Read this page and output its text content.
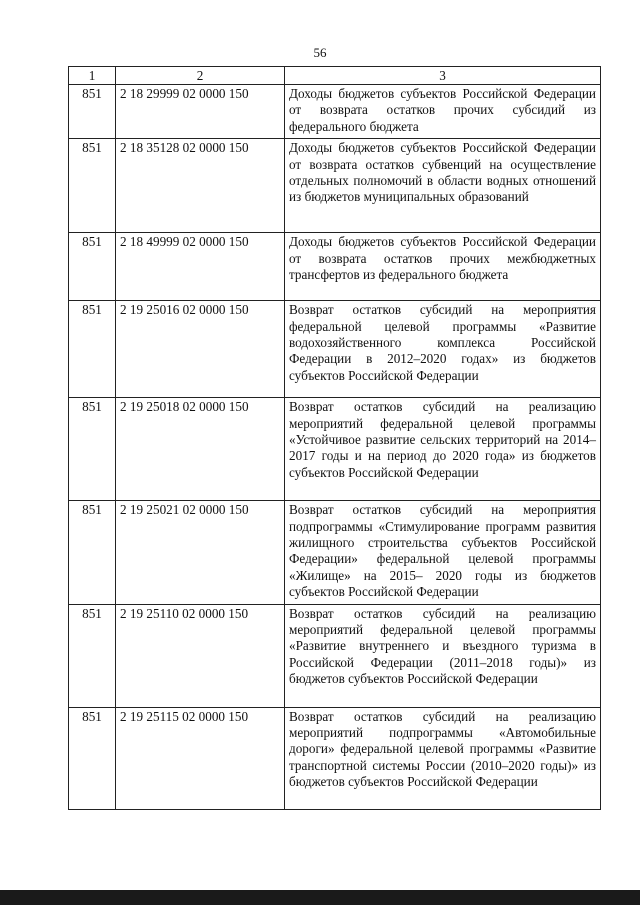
56
1	2	3
851	2 18 29999 02 0000 150	Доходы бюджетов субъектов Российской Федерации от возврата остатков прочих субсидий из федерального бюджета
851	2 18 35128 02 0000 150	Доходы бюджетов субъектов Российской Федерации от возврата остатков субвенций на осуществление отдельных полномочий в области водных отношений из бюджетов муниципальных образований
851	2 18 49999 02 0000 150	Доходы бюджетов субъектов Российской Федерации от возврата остатков прочих межбюджетных трансфертов из федерального бюджета
851	2 19 25016 02 0000 150	Возврат остатков субсидий на мероприятия федеральной целевой программы «Развитие водохозяйственного комплекса Российской Федерации в 2012–2020 годах» из бюджетов субъектов Российской Федерации
851	2 19 25018 02 0000 150	Возврат остатков субсидий на реализацию мероприятий федеральной целевой программы «Устойчивое развитие сельских территорий на 2014–2017 годы и на период до 2020 года» из бюджетов субъектов Российской Федерации
851	2 19 25021 02 0000 150	Возврат остатков субсидий на мероприятия подпрограммы «Стимулирование программ развития жилищного строительства субъектов Российской Федерации» федеральной целевой программы «Жилище» на 2015– 2020 годы из бюджетов субъектов Российской Федерации
851	2 19 25110 02 0000 150	Возврат остатков субсидий на реализацию мероприятий федеральной целевой программы «Развитие внутреннего и въездного туризма в Российской Федерации (2011–2018 годы)» из бюджетов субъектов Российской Федерации
851	2 19 25115 02 0000 150	Возврат остатков субсидий на реализацию мероприятий подпрограммы «Автомобильные дороги» федеральной целевой программы «Развитие транспортной системы России (2010–2020 годы)» из бюджетов субъектов Российской Федерации
